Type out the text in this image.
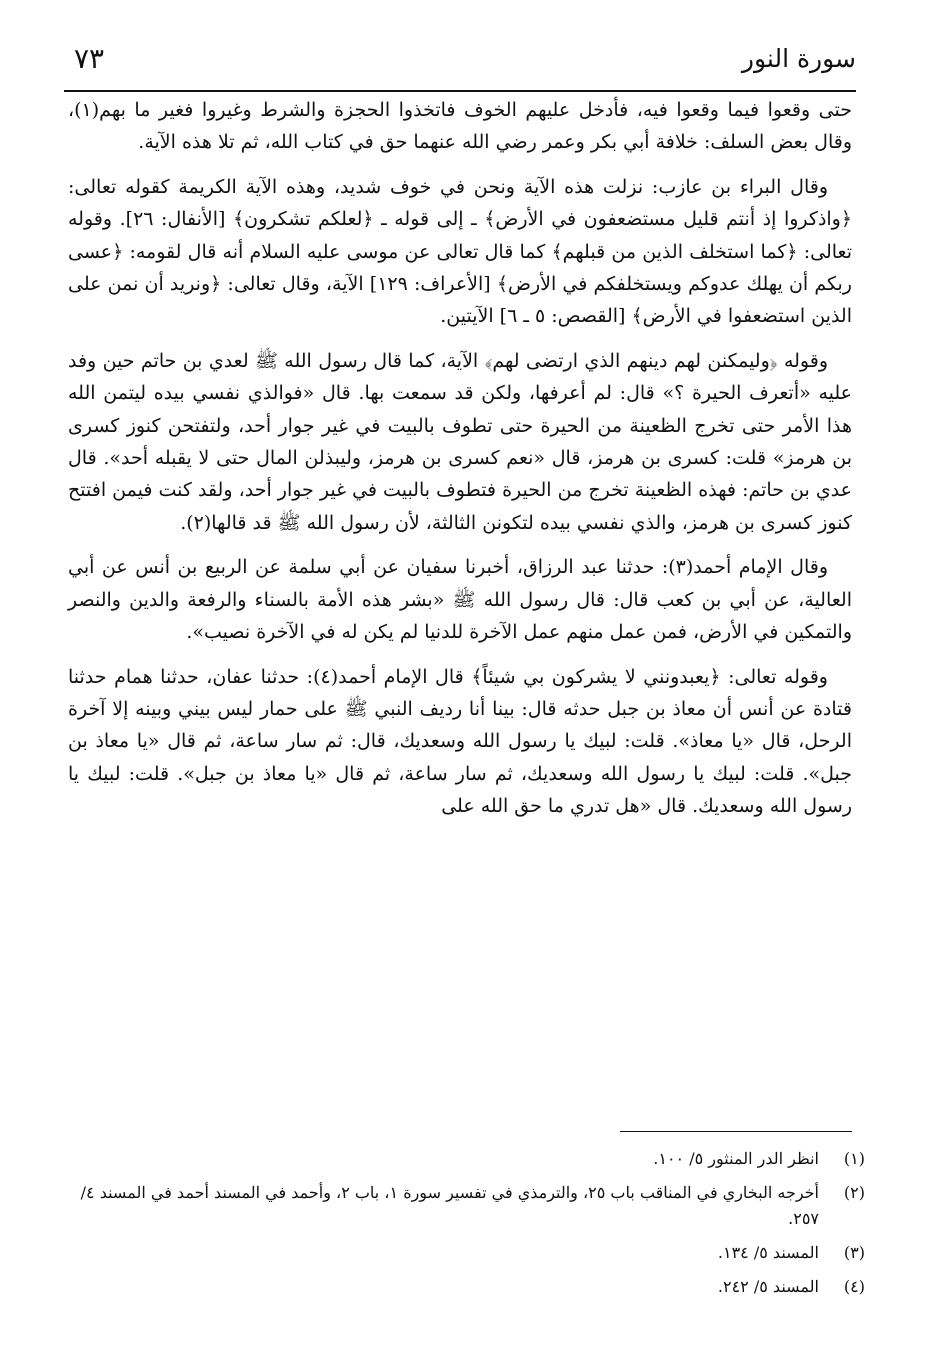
سورة النور
٧٣

حتى وقعوا فيما وقعوا فيه، فأدخل عليهم الخوف فاتخذوا الحجزة والشرط وغيروا فغير ما بهم(١)، وقال بعض السلف: خلافة أبي بكر وعمر رضي الله عنهما حق في كتاب الله، ثم تلا هذه الآية.

وقال البراء بن عازب: نزلت هذه الآية ونحن في خوف شديد، وهذه الآية الكريمة كقوله تعالى: ﴿واذكروا إذ أنتم قليل مستضعفون في الأرض﴾ ـ إلى قوله ـ ﴿لعلكم تشكرون﴾ [الأنفال: ٢٦]. وقوله تعالى: ﴿كما استخلف الذين من قبلهم﴾ كما قال تعالى عن موسى عليه السلام أنه قال لقومه: ﴿عسى ربكم أن يهلك عدوكم ويستخلفكم في الأرض﴾ [الأعراف: ١٢٩] الآية، وقال تعالى: ﴿ونريد أن نمن على الذين استضعفوا في الأرض﴾ [القصص: ٥ ـ ٦] الآيتين.

وقوله ﴿وليمكنن لهم دينهم الذي ارتضى لهم﴾ الآية، كما قال رسول الله ﷺ لعدي بن حاتم حين وفد عليه «أتعرف الحيرة ؟» قال: لم أعرفها، ولكن قد سمعت بها. قال «فوالذي نفسي بيده ليتمن الله هذا الأمر حتى تخرج الظعينة من الحيرة حتى تطوف بالبيت في غير جوار أحد، ولتفتحن كنوز كسرى بن هرمز» قلت: كسرى بن هرمز، قال «نعم كسرى بن هرمز، وليبذلن المال حتى لا يقبله أحد». قال عدي بن حاتم: فهذه الظعينة تخرج من الحيرة فتطوف بالبيت في غير جوار أحد، ولقد كنت فيمن افتتح كنوز كسرى بن هرمز، والذي نفسي بيده لتكونن الثالثة، لأن رسول الله ﷺ قد قالها(٢).

وقال الإمام أحمد(٣): حدثنا عبد الرزاق، أخبرنا سفيان عن أبي سلمة عن الربيع بن أنس عن أبي العالية، عن أبي بن كعب قال: قال رسول الله ﷺ «بشر هذه الأمة بالسناء والرفعة والدين والنصر والتمكين في الأرض، فمن عمل منهم عمل الآخرة للدنيا لم يكن له في الآخرة نصيب».

وقوله تعالى: ﴿يعبدونني لا يشركون بي شيئاً﴾ قال الإمام أحمد(٤): حدثنا عفان، حدثنا همام حدثنا قتادة عن أنس أن معاذ بن جبل حدثه قال: بينا أنا رديف النبي ﷺ على حمار ليس بيني وبينه إلا آخرة الرحل، قال «يا معاذ». قلت: لبيك يا رسول الله وسعديك، قال: ثم سار ساعة، ثم قال «يا معاذ بن جبل». قلت: لبيك يا رسول الله وسعديك، ثم سار ساعة، ثم قال «يا معاذ بن جبل». قلت: لبيك يا رسول الله وسعديك. قال «هل تدري ما حق الله على

(١)
انظر الدر المنثور ٥/ ١٠٠.
(٢)
أخرجه البخاري في المناقب باب ٢٥، والترمذي في تفسير سورة ١، باب ٢، وأحمد في المسند أحمد في المسند ٤/ ٢٥٧.
(٣)
المسند ٥/ ١٣٤.
(٤)
المسند ٥/ ٢٤٢.
